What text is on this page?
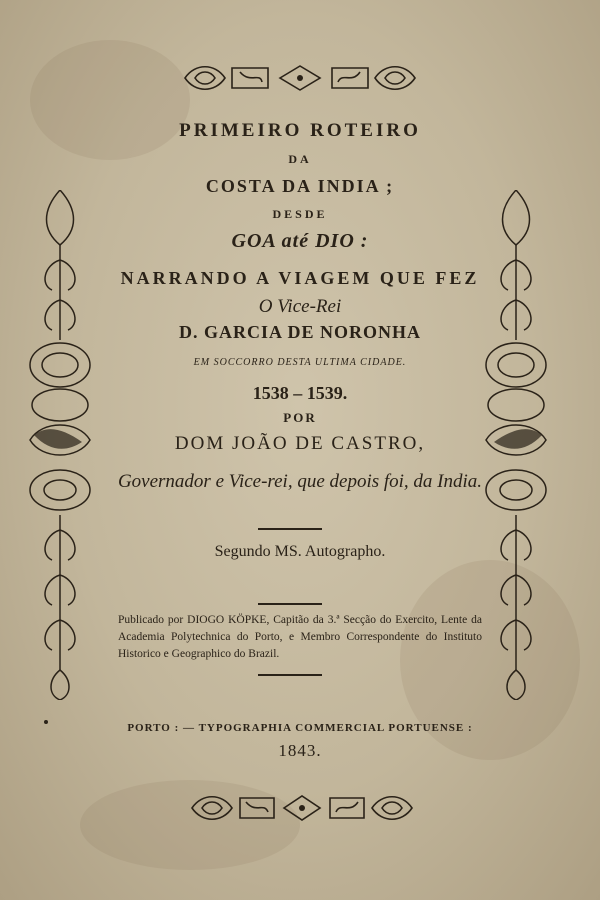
PRIMEIRO ROTEIRO
DA
COSTA DA INDIA ;
DESDE
GOA até DIO :
NARRANDO A VIAGEM QUE FEZ
O Vice-Rei
D. GARCIA DE NORONHA
EM SOCCORRO DESTA ULTIMA CIDADE.
1538 – 1539.
POR
DOM JOÃO DE CASTRO,
Governador e Vice-rei, que depois foi, da India.
Segundo MS. Autographo.
Publicado por DIOGO KÖPKE, Capitão da 3.ª Secção do Exercito, Lente da Academia Polytechnica do Porto, e Membro Correspondente do Instituto Historico e Geographico do Brazil.
PORTO : — TYPOGRAPHIA COMMERCIAL PORTUENSE :
1843.
